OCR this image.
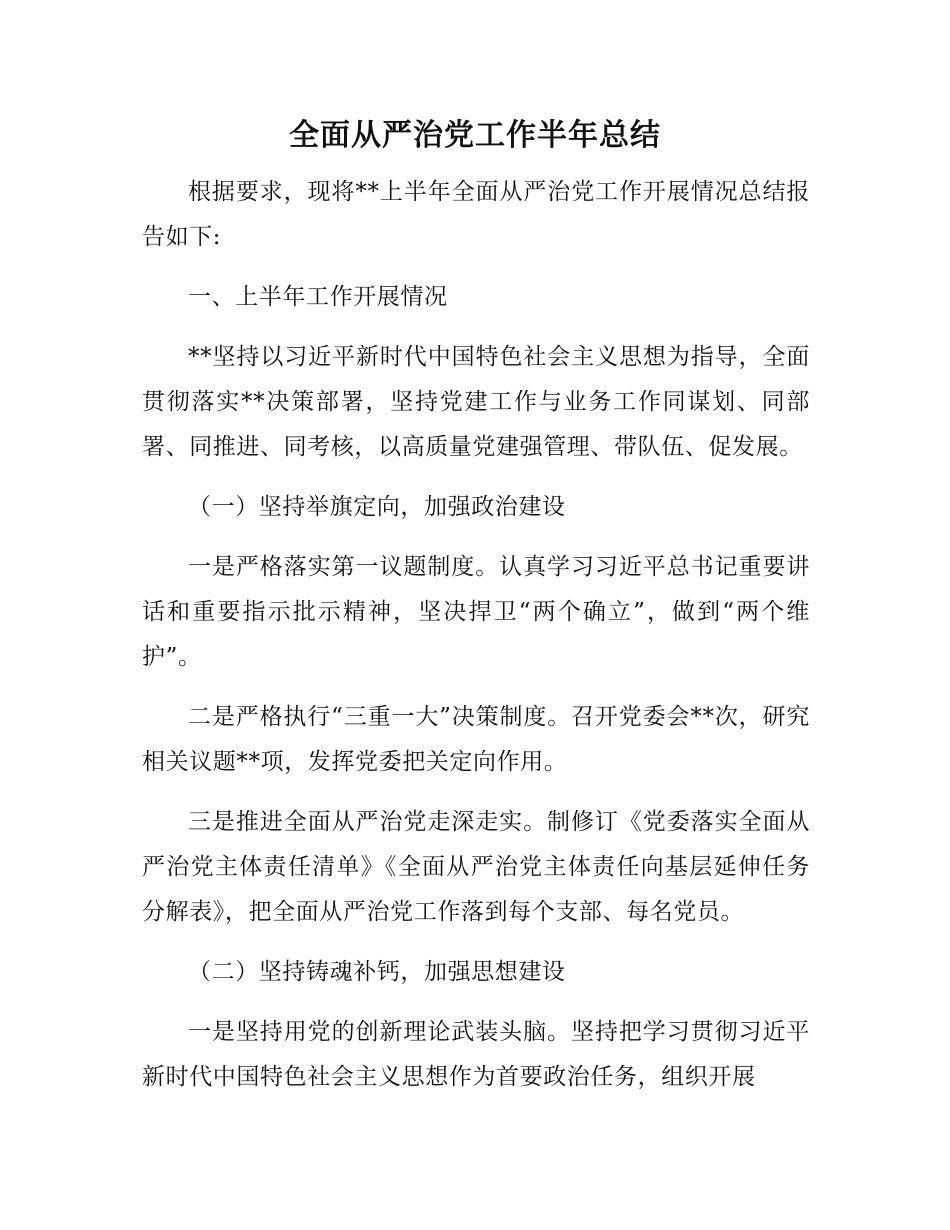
全面从严治党工作半年总结

根据要求，现将**上半年全面从严治党工作开展情况总结报告如下:

一、上半年工作开展情况

**坚持以习近平新时代中国特色社会主义思想为指导，全面贯彻落实**决策部署，坚持党建工作与业务工作同谋划、同部署、同推进、同考核，以高质量党建强管理、带队伍、促发展。

（一）坚持举旗定向，加强政治建设

一是严格落实第一议题制度。认真学习习近平总书记重要讲话和重要指示批示精神，坚决捍卫“两个确立”，做到“两个维护”。

二是严格执行“三重一大”决策制度。召开党委会**次，研究相关议题**项，发挥党委把关定向作用。

三是推进全面从严治党走深走实。制修订《党委落实全面从严治党主体责任清单》《全面从严治党主体责任向基层延伸任务分解表》，把全面从严治党工作落到每个支部、每名党员。

（二）坚持铸魂补钙，加强思想建设

一是坚持用党的创新理论武装头脑。坚持把学习贯彻习近平新时代中国特色社会主义思想作为首要政治任务，组织开展
